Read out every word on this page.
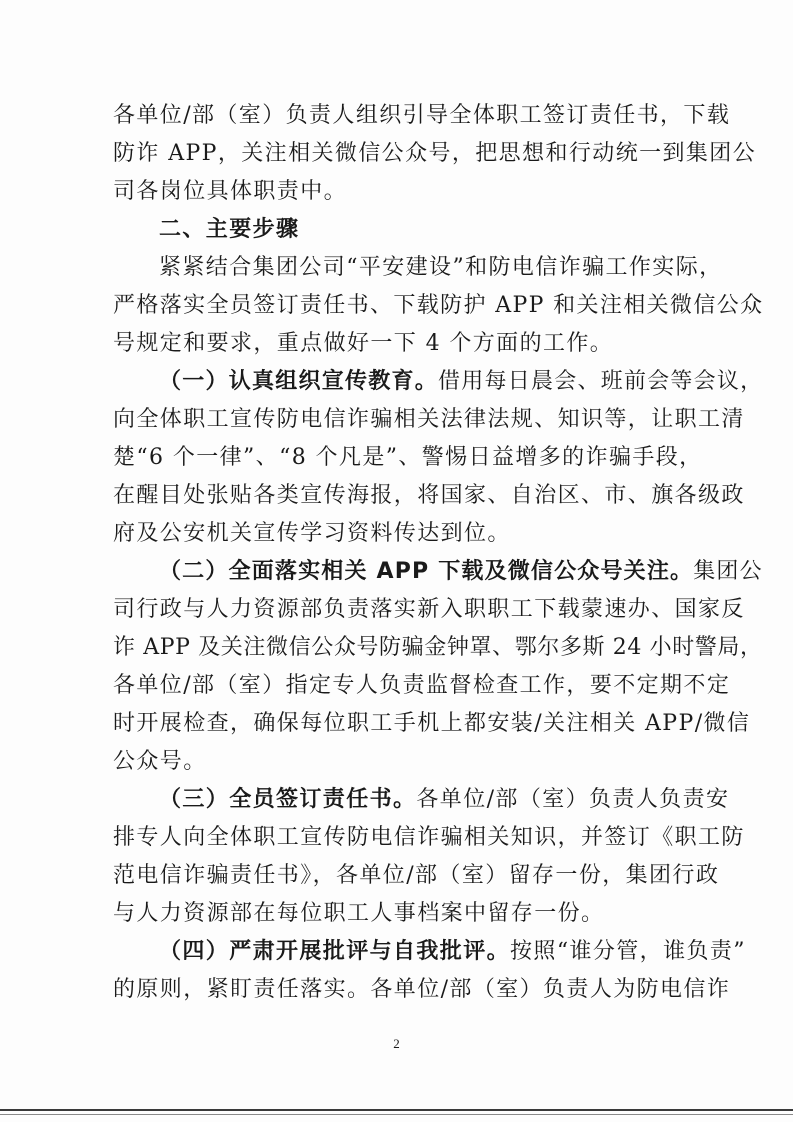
各单位/部（室）负责人组织引导全体职工签订责任书，下载
防诈 APP，关注相关微信公众号，把思想和行动统一到集团公
司各岗位具体职责中。
二、主要步骤
紧紧结合集团公司“平安建设”和防电信诈骗工作实际，
严格落实全员签订责任书、下载防护 APP 和关注相关微信公众
号规定和要求，重点做好一下 4 个方面的工作。
（一）认真组织宣传教育。借用每日晨会、班前会等会议，
向全体职工宣传防电信诈骗相关法律法规、知识等，让职工清
楚“6 个一律”、“8 个凡是”、警惕日益增多的诈骗手段，
在醒目处张贴各类宣传海报，将国家、自治区、市、旗各级政
府及公安机关宣传学习资料传达到位。
（二）全面落实相关 APP 下载及微信公众号关注。集团公
司行政与人力资源部负责落实新入职职工下载蒙速办、国家反
诈 APP 及关注微信公众号防骗金钟罩、鄂尔多斯 24 小时警局，
各单位/部（室）指定专人负责监督检查工作，要不定期不定
时开展检查，确保每位职工手机上都安装/关注相关 APP/微信
公众号。
（三）全员签订责任书。各单位/部（室）负责人负责安
排专人向全体职工宣传防电信诈骗相关知识，并签订《职工防
范电信诈骗责任书》，各单位/部（室）留存一份，集团行政
与人力资源部在每位职工人事档案中留存一份。
（四）严肃开展批评与自我批评。按照“谁分管，谁负责”
的原则，紧盯责任落实。各单位/部（室）负责人为防电信诈
2
